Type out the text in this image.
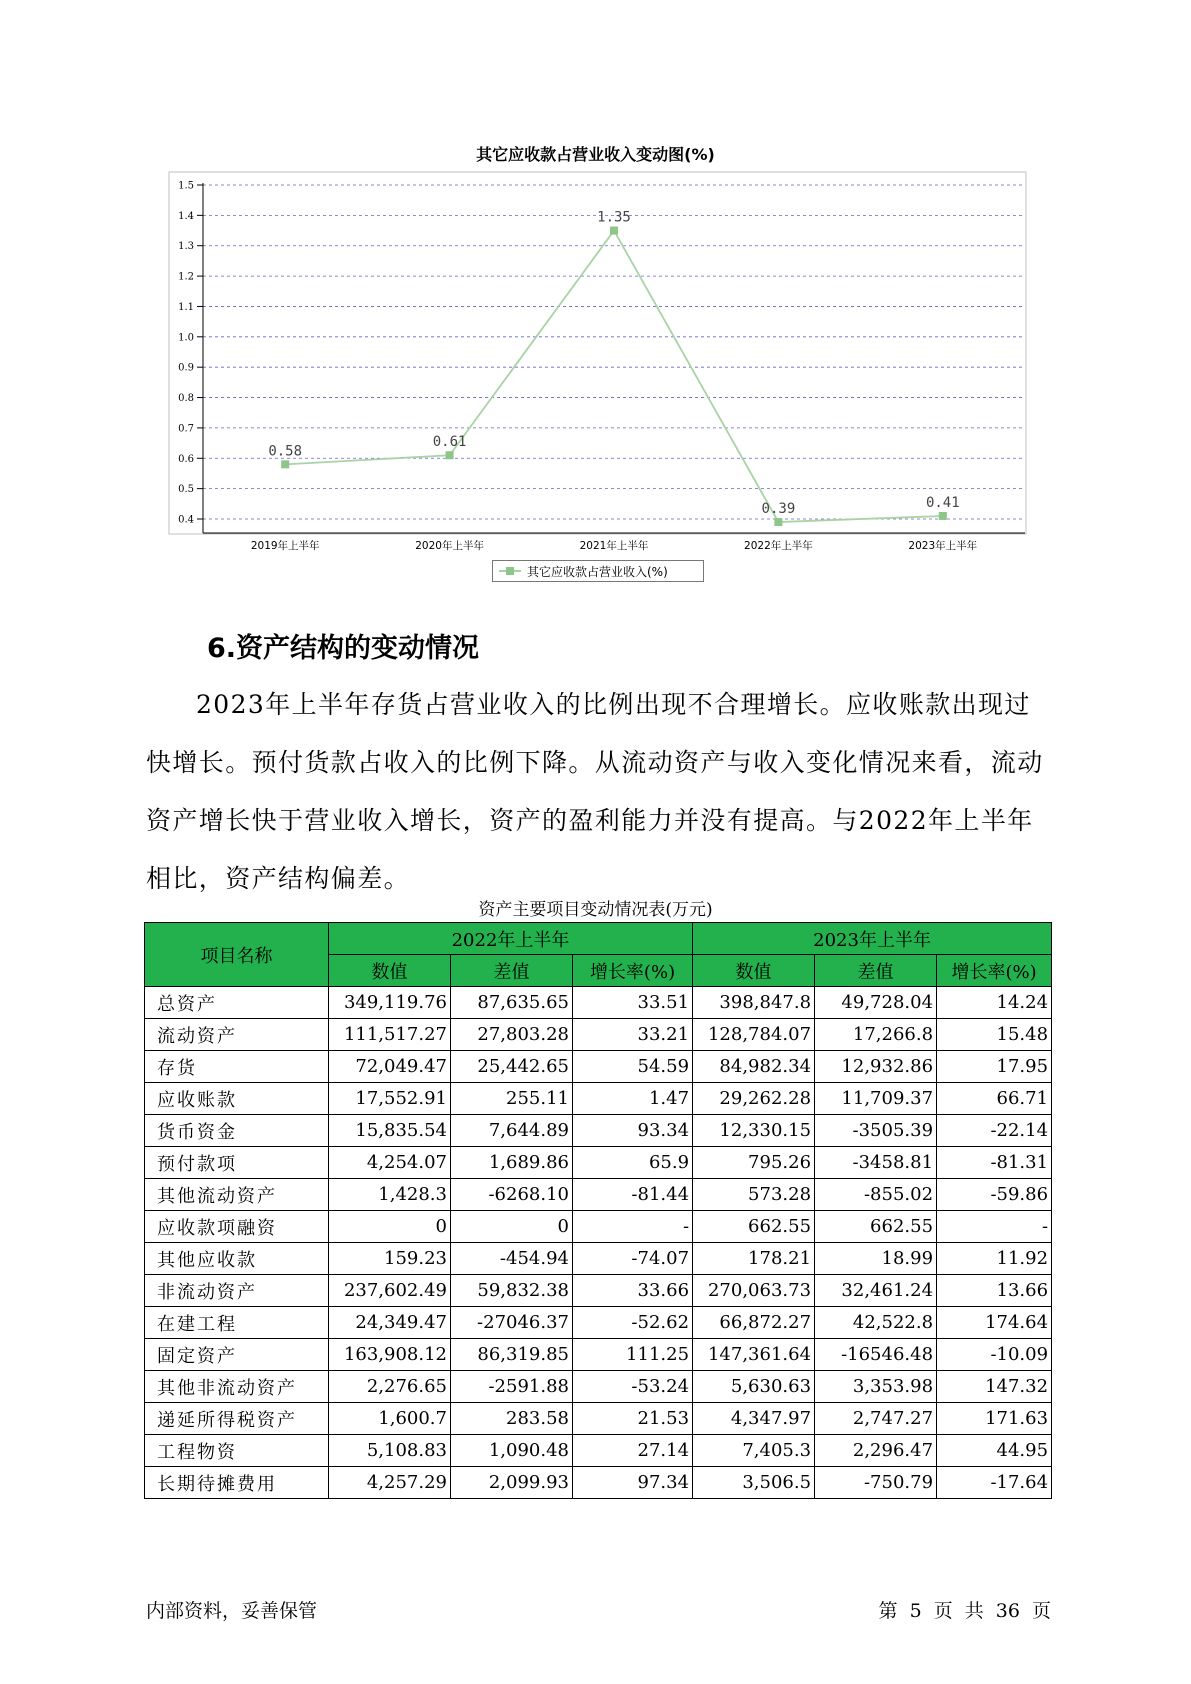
其它应收款占营业收入变动图(%)
0.4
0.5
0.6
0.7
0.8
0.9
1.0
1.1
1.2
1.3
1.4
1.5
2019年上半年	2020年上半年	2021年上半年	2022年上半年	2023年上半年
0.58
0.61
1.35
0.39	0.41
其它应收款占营业收入(%)
6.资产结构的变动情况

2023年上半年存货占营业收入的比例出现不合理增长。应收账款出现过快增长。预付货款占收入的比例下降。从流动资产与收入变化情况来看，流动资产增长快于营业收入增长，资产的盈利能力并没有提高。与2022年上半年相比，资产结构偏差。

资产主要项目变动情况表(万元)
项目名称	2022年上半年			2023年上半年		
	数值	差值	增长率(%)	数值	差值	增长率(%)
总资产	349,119.76	87,635.65	33.51	398,847.8	49,728.04	14.24
流动资产	111,517.27	27,803.28	33.21	128,784.07	17,266.8	15.48
存货	72,049.47	25,442.65	54.59	84,982.34	12,932.86	17.95
应收账款	17,552.91	255.11	1.47	29,262.28	11,709.37	66.71
货币资金	15,835.54	7,644.89	93.34	12,330.15	-3505.39	-22.14
预付款项	4,254.07	1,689.86	65.9	795.26	-3458.81	-81.31
其他流动资产	1,428.3	-6268.10	-81.44	573.28	-855.02	-59.86
应收款项融资	0	0	-	662.55	662.55	-
其他应收款	159.23	-454.94	-74.07	178.21	18.99	11.92
非流动资产	237,602.49	59,832.38	33.66	270,063.73	32,461.24	13.66
在建工程	24,349.47	-27046.37	-52.62	66,872.27	42,522.8	174.64
固定资产	163,908.12	86,319.85	111.25	147,361.64	-16546.48	-10.09
其他非流动资产	2,276.65	-2591.88	-53.24	5,630.63	3,353.98	147.32
递延所得税资产	1,600.7	283.58	21.53	4,347.97	2,747.27	171.63
工程物资	5,108.83	1,090.48	27.14	7,405.3	2,296.47	44.95
长期待摊费用	4,257.29	2,099.93	97.34	3,506.5	-750.79	-17.64
内部资料，妥善保管	第 5 页 共 36 页
